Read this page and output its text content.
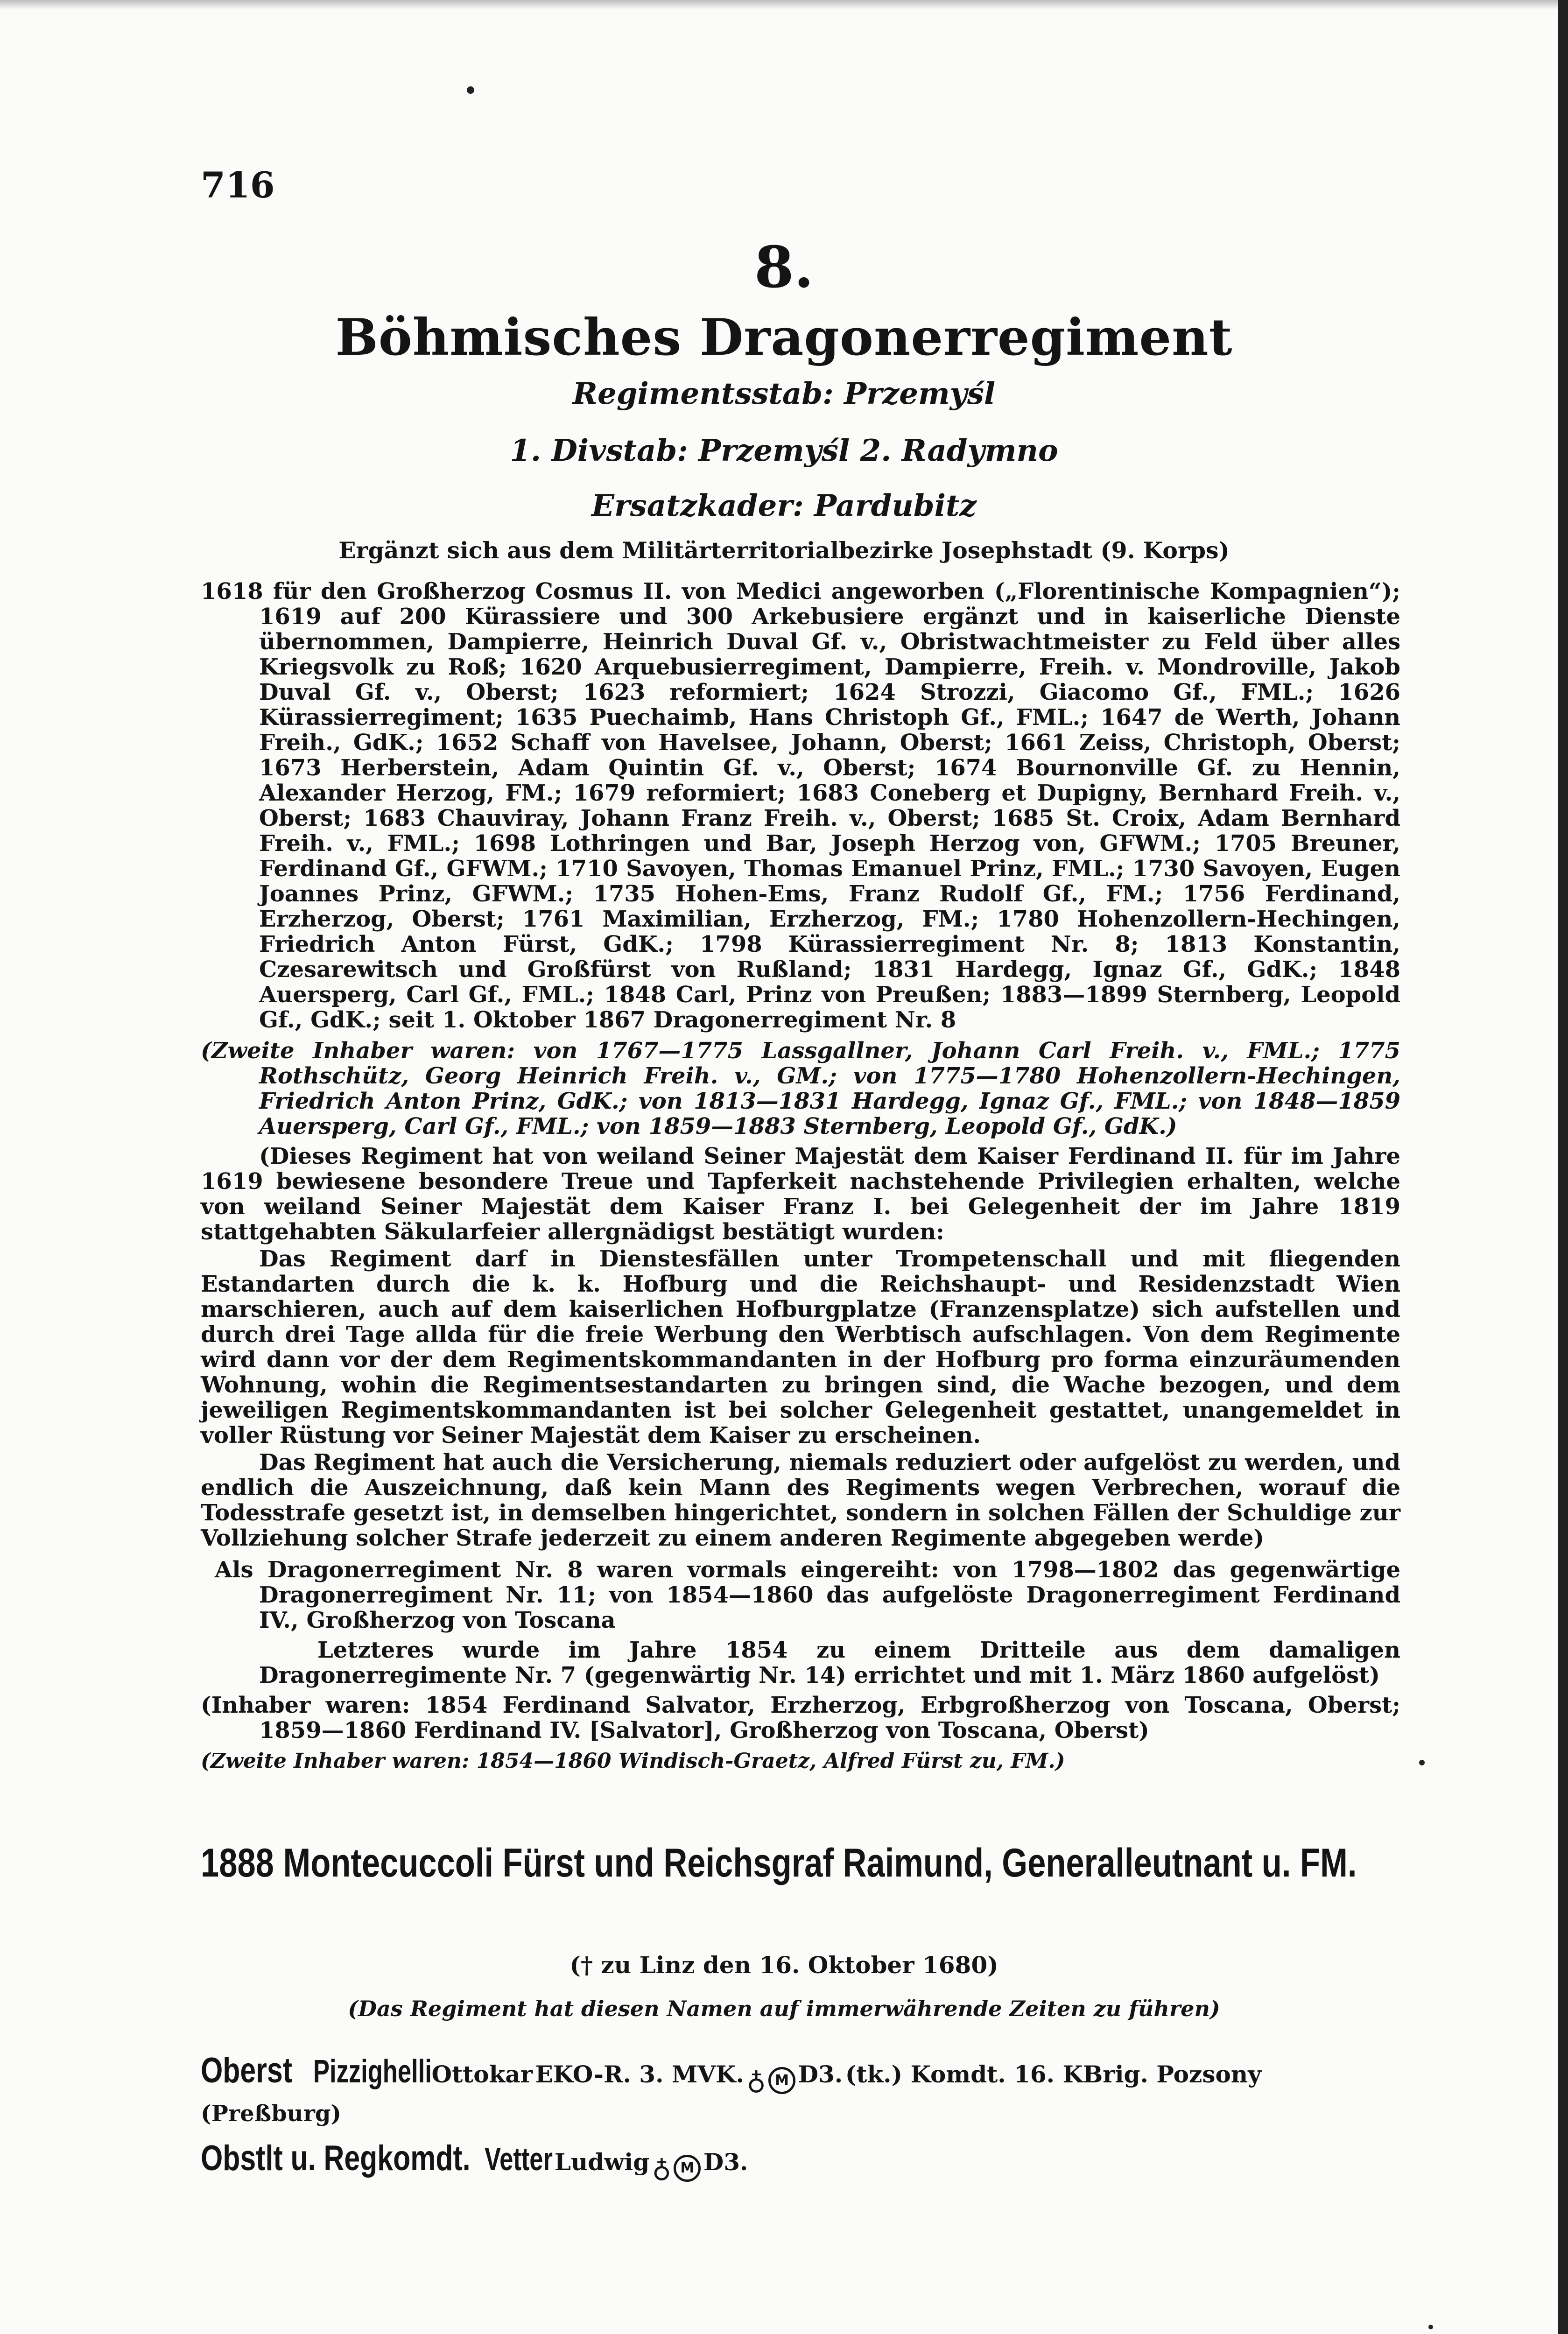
716
8.
Böhmisches Dragonerregiment
Regimentsstab: Przemyśl
1. Divstab: Przemyśl 2. Radymno
Ersatzkader: Pardubitz
Ergänzt sich aus dem Militärterritorialbezirke Josephstadt (9. Korps)

1618 für den Großherzog Cosmus II. von Medici angeworben („Florentinische Kompagnien“); 1619 auf 200 Kürassiere und 300 Arkebusiere ergänzt und in kaiserliche Dienste übernommen, Dampierre, Heinrich Duval Gf. v., Obristwachtmeister zu Feld über alles Kriegsvolk zu Roß; 1620 Arquebusierregiment, Dampierre, Freih. v. Mondroville, Jakob Duval Gf. v., Oberst; 1623 reformiert; 1624 Strozzi, Giacomo Gf., FML.; 1626 Kürassierregiment; 1635 Puechaimb, Hans Christoph Gf., FML.; 1647 de Werth, Johann Freih., GdK.; 1652 Schaff von Havelsee, Johann, Oberst; 1661 Zeiss, Christoph, Oberst; 1673 Herberstein, Adam Quintin Gf. v., Oberst; 1674 Bournonville Gf. zu Hennin, Alexander Herzog, FM.; 1679 reformiert; 1683 Coneberg et Dupigny, Bernhard Freih. v., Oberst; 1683 Chauviray, Johann Franz Freih. v., Oberst; 1685 St. Croix, Adam Bernhard Freih. v., FML.; 1698 Lothringen und Bar, Joseph Herzog von, GFWM.; 1705 Breuner, Ferdinand Gf., GFWM.; 1710 Savoyen, Thomas Emanuel Prinz, FML.; 1730 Savoyen, Eugen Joannes Prinz, GFWM.; 1735 Hohen-Ems, Franz Rudolf Gf., FM.; 1756 Ferdinand, Erzherzog, Oberst; 1761 Maximilian, Erzherzog, FM.; 1780 Hohenzollern-Hechingen, Friedrich Anton Fürst, GdK.; 1798 Kürassierregiment Nr. 8; 1813 Konstantin, Czesarewitsch und Großfürst von Rußland; 1831 Hardegg, Ignaz Gf., GdK.; 1848 Auersperg, Carl Gf., FML.; 1848 Carl, Prinz von Preußen; 1883—1899 Sternberg, Leopold Gf., GdK.; seit 1. Oktober 1867 Dragonerregiment Nr. 8

(Zweite Inhaber waren: von 1767—1775 Lassgallner, Johann Carl Freih. v., FML.; 1775 Rothschütz, Georg Heinrich Freih. v., GM.; von 1775—1780 Hohenzollern-Hechingen, Friedrich Anton Prinz, GdK.; von 1813—1831 Hardegg, Ignaz Gf., FML.; von 1848—1859 Auersperg, Carl Gf., FML.; von 1859—1883 Sternberg, Leopold Gf., GdK.)

(Dieses Regiment hat von weiland Seiner Majestät dem Kaiser Ferdinand II. für im Jahre 1619 bewiesene besondere Treue und Tapferkeit nachstehende Privilegien erhalten, welche von weiland Seiner Majestät dem Kaiser Franz I. bei Gelegenheit der im Jahre 1819 stattgehabten Säkularfeier allergnädigst bestätigt wurden:

Das Regiment darf in Dienstesfällen unter Trompetenschall und mit fliegenden Estandarten durch die k. k. Hofburg und die Reichshaupt- und Residenzstadt Wien marschieren, auch auf dem kaiserlichen Hofburgplatze (Franzensplatze) sich aufstellen und durch drei Tage allda für die freie Werbung den Werbtisch aufschlagen. Von dem Regimente wird dann vor der dem Regimentskommandanten in der Hofburg pro forma einzuräumenden Wohnung, wohin die Regimentsestandarten zu bringen sind, die Wache bezogen, und dem jeweiligen Regimentskommandanten ist bei solcher Gelegenheit gestattet, unangemeldet in voller Rüstung vor Seiner Majestät dem Kaiser zu erscheinen.

Das Regiment hat auch die Versicherung, niemals reduziert oder aufgelöst zu werden, und endlich die Auszeichnung, daß kein Mann des Regiments wegen Verbrechen, worauf die Todesstrafe gesetzt ist, in demselben hingerichtet, sondern in solchen Fällen der Schuldige zur Vollziehung solcher Strafe jederzeit zu einem anderen Regimente abgegeben werde)

Als Dragonerregiment Nr. 8 waren vormals eingereiht: von 1798—1802 das gegenwärtige Dragonerregiment Nr. 11; von 1854—1860 das aufgelöste Dragonerregiment Ferdinand IV., Großherzog von Toscana

Letzteres wurde im Jahre 1854 zu einem Dritteile aus dem damaligen Dragonerregimente Nr. 7 (gegenwärtig Nr. 14) errichtet und mit 1. März 1860 aufgelöst)

(Inhaber waren: 1854 Ferdinand Salvator, Erzherzog, Erbgroßherzog von Toscana, Oberst; 1859—1860 Ferdinand IV. [Salvator], Großherzog von Toscana, Oberst)

(Zweite Inhaber waren: 1854—1860 Windisch-Graetz, Alfred Fürst zu, FM.)

1888 Montecuccoli Fürst und Reichsgraf Raimund, Generalleutnant u. FM.
(† zu Linz den 16. Oktober 1680)
(Das Regiment hat diesen Namen auf immerwährende Zeiten zu führen)
Oberst Pizzighelli Ottokar EKO-R. 3. MVK. ♁ M D3. (tk.) Komdt. 16. KBrig. Pozsony
(Preßburg)
Obstlt u. Regkomdt. Vetter Ludwig ♁ M D3.
